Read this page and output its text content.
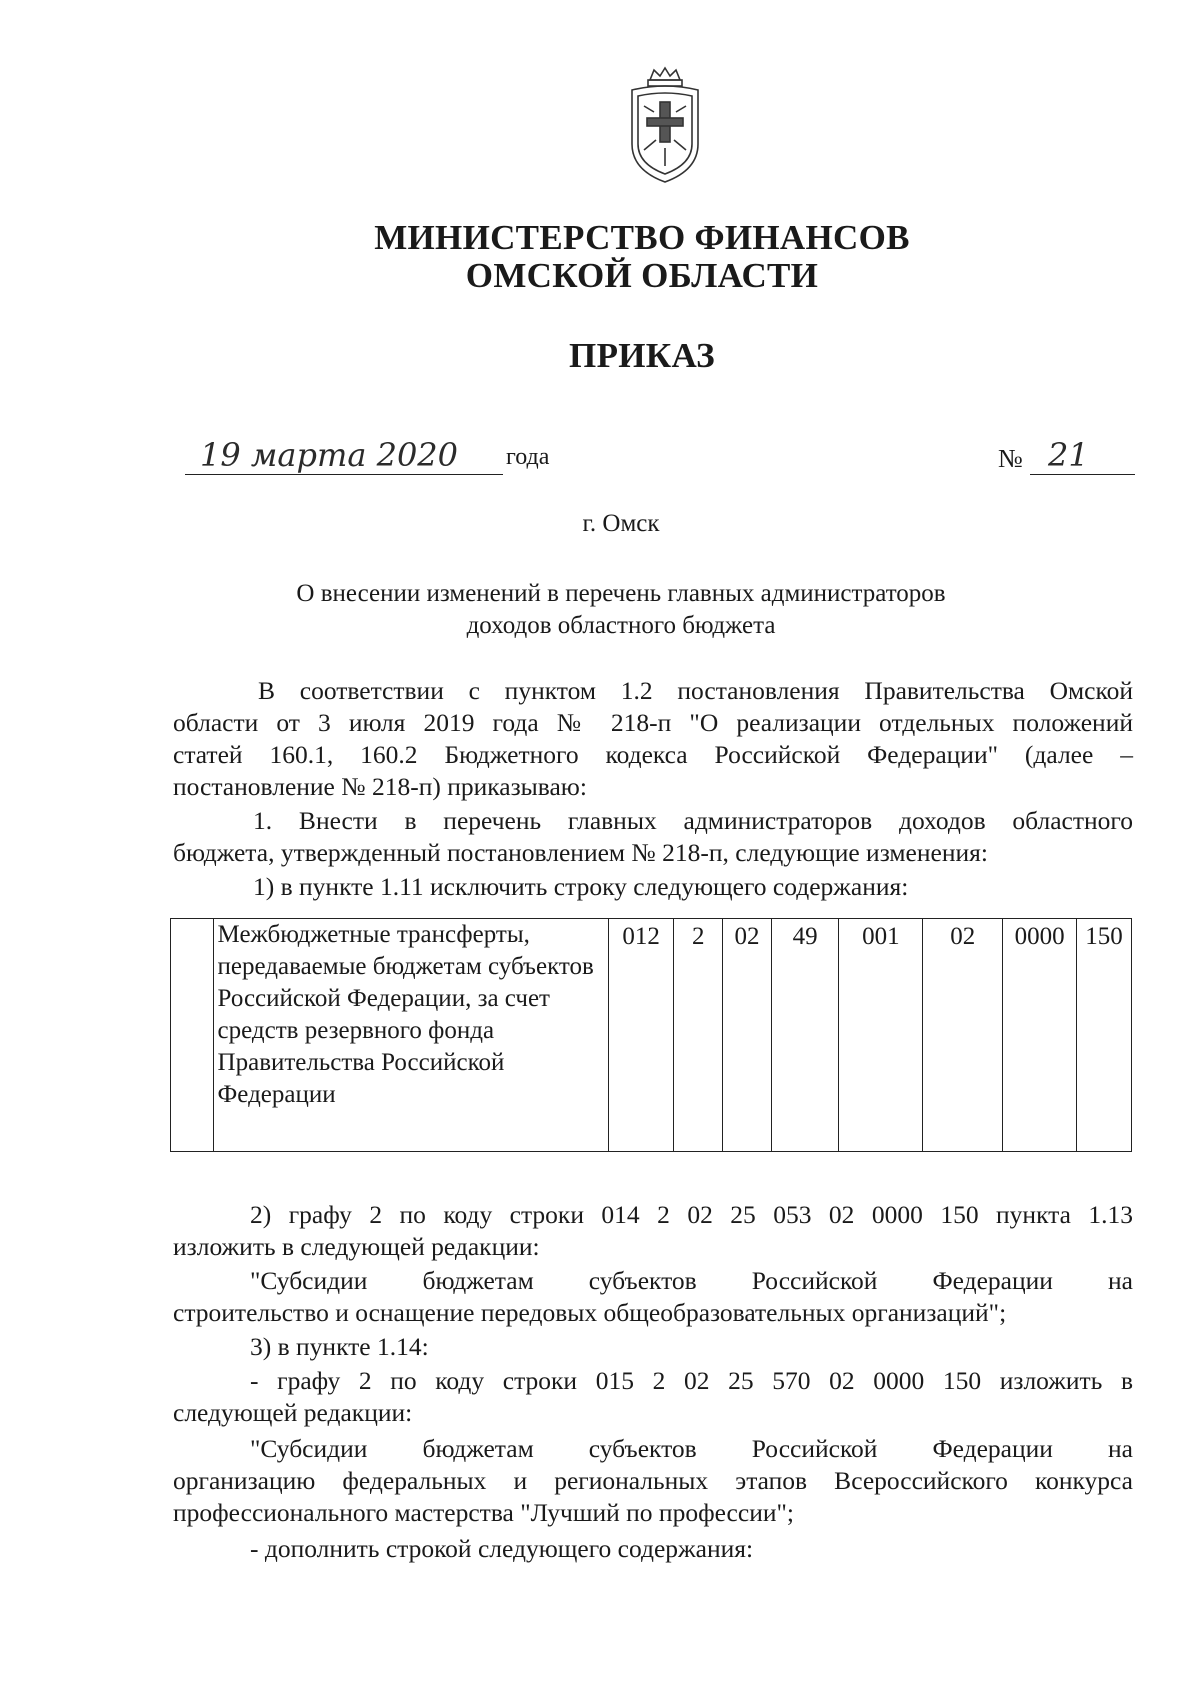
МИНИСТЕРСТВО ФИНАНСОВ
ОМСКОЙ ОБЛАСТИ
ПРИКАЗ
19 марта 2020 года	№ 21
г. Омск
О внесении изменений в перечень главных администраторов
доходов областного бюджета
В соответствии с пунктом 1.2 постановления Правительства Омской
области от 3 июля 2019 года № 218-п "О реализации отдельных положений
статей 160.1, 160.2 Бюджетного кодекса Российской Федерации" (далее –
постановление № 218-п) приказываю:
1. Внести в перечень главных администраторов доходов областного
бюджета, утвержденный постановлением № 218-п, следующие изменения:
1) в пункте 1.11 исключить строку следующего содержания:
	Межбюджетные трансферты, передаваемые бюджетам субъектов Российской Федерации, за счет средств резервного фонда Правительства Российской Федерации	012	2	02	49	001	02	0000	150
2) графу 2 по коду строки 014 2 02 25 053 02 0000 150 пункта 1.13
изложить в следующей редакции:
"Субсидии бюджетам субъектов Российской Федерации на
строительство и оснащение передовых общеобразовательных организаций";
3) в пункте 1.14:
- графу 2 по коду строки 015 2 02 25 570 02 0000 150 изложить в
следующей редакции:
"Субсидии бюджетам субъектов Российской Федерации на
организацию федеральных и региональных этапов Всероссийского конкурса
профессионального мастерства "Лучший по профессии";
- дополнить строкой следующего содержания:
